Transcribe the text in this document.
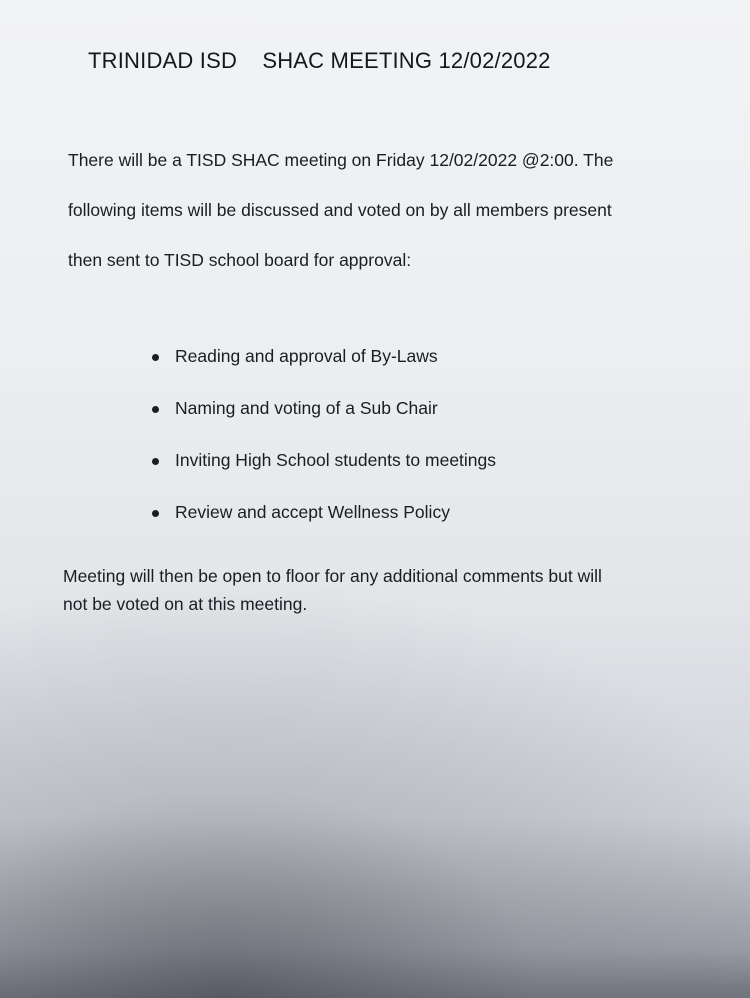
TRINIDAD ISD    SHAC MEETING 12/02/2022
There will be a TISD SHAC meeting on Friday 12/02/2022 @2:00. The
following items will be discussed and voted on by all members present
then sent to TISD school board for approval:
Reading and approval of By-Laws
Naming and voting of a Sub Chair
Inviting High School students to meetings
Review and accept Wellness Policy
Meeting will then be open to floor for any additional comments but will
not be voted on at this meeting.
